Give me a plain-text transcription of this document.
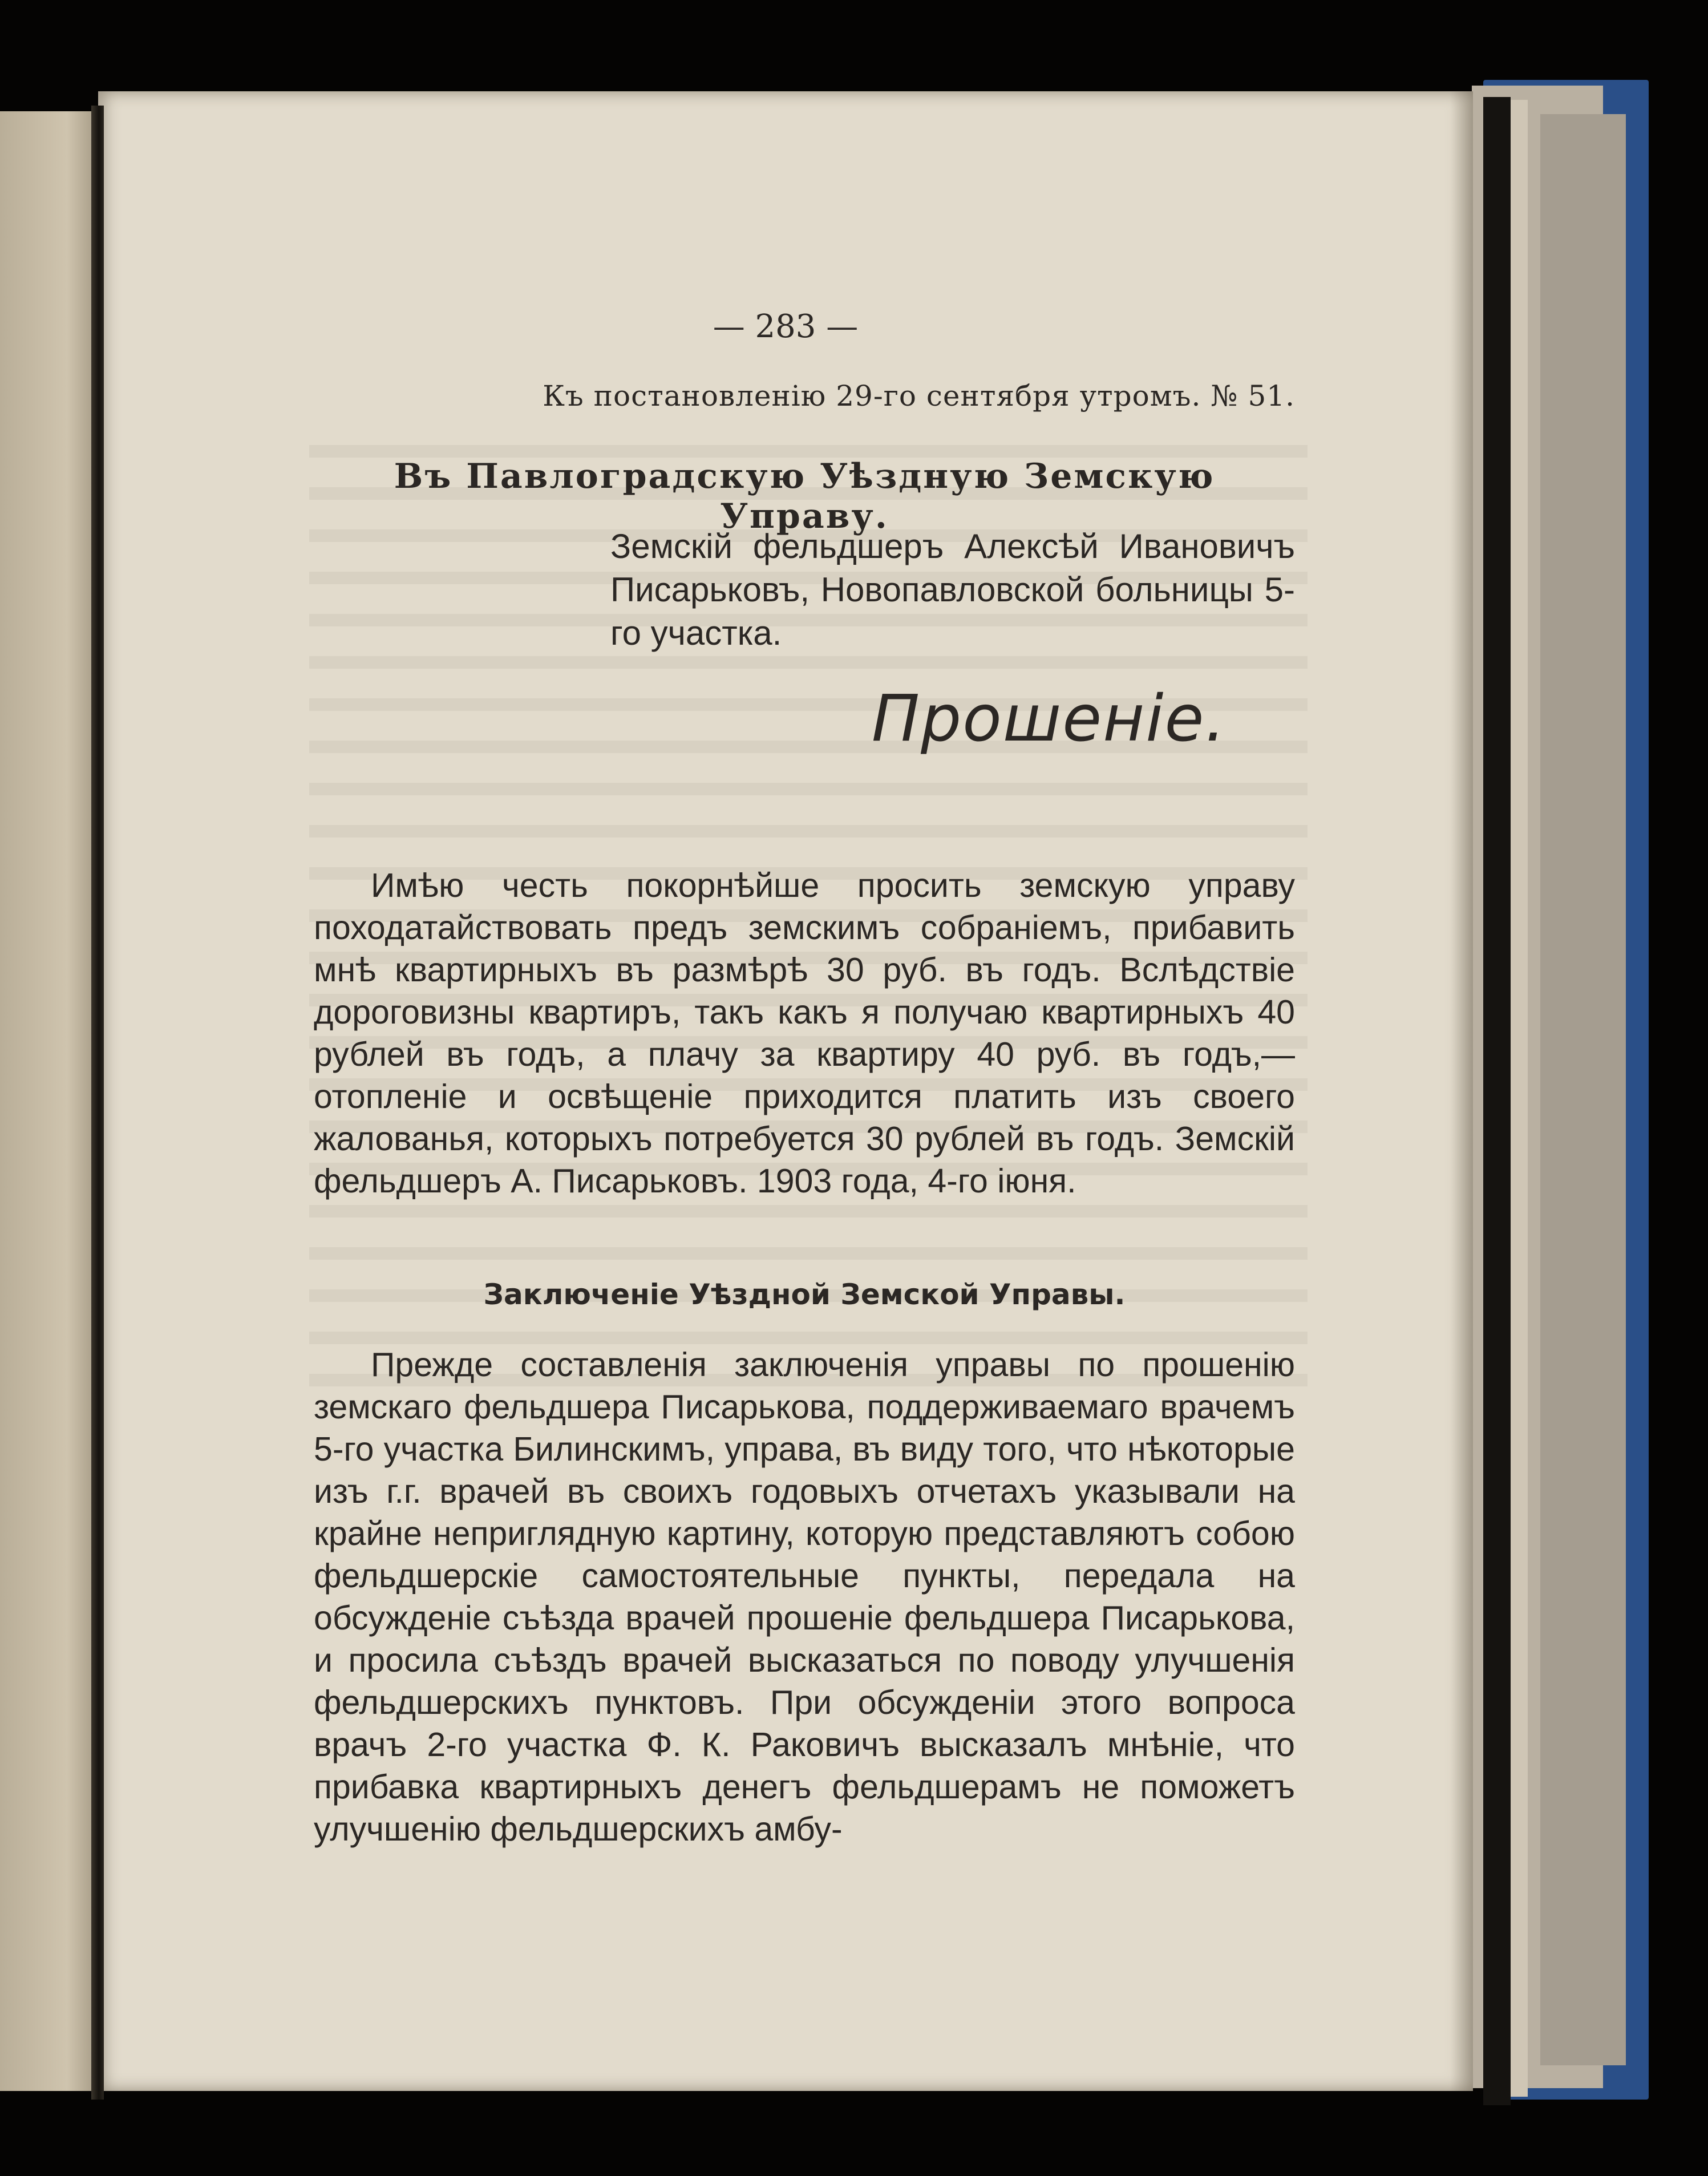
— 283 —
Къ постановленію 29-го сентября утромъ. № 51.
Въ Павлоградскую Уѣздную Земскую Управу.
Земскій фельдшеръ Алексѣй Ивановичъ Писарьковъ, Новопавловской больницы 5-го участка.
Прошеніе.

Имѣю честь покорнѣйше просить земскую управу походатайствовать предъ земскимъ собраніемъ, прибавить мнѣ квартирныхъ въ размѣрѣ 30 руб. въ годъ. Вслѣдствіе дороговизны квартиръ, такъ какъ я получаю квартирныхъ 40 рублей въ годъ, а плачу за квартиру 40 руб. въ годъ,—отопленіе и освѣщеніе приходится платить изъ своего жалованья, которыхъ потребуется 30 рублей въ годъ. Земскій фельдшеръ А. Писарьковъ. 1903 года, 4-го іюня.

Заключеніе Уѣздной Земской Управы.

Прежде составленія заключенія управы по прошенію земскаго фельдшера Писарькова, поддерживаемаго врачемъ 5-го участка Билинскимъ, управа, въ виду того, что нѣкоторые изъ г.г. врачей въ своихъ годовыхъ отчетахъ указывали на крайне неприглядную картину, которую представляютъ собою фельдшерскіе самостоятельные пункты, передала на обсужденіе съѣзда врачей прошеніе фельдшера Писарькова, и просила съѣздъ врачей высказаться по поводу улучшенія фельдшерскихъ пунктовъ. При обсужденіи этого вопроса врачъ 2-го участка Ф. К. Раковичъ высказалъ мнѣніе, что прибавка квартирныхъ денегъ фельдшерамъ не поможетъ улучшенію фельдшерскихъ амбу-
